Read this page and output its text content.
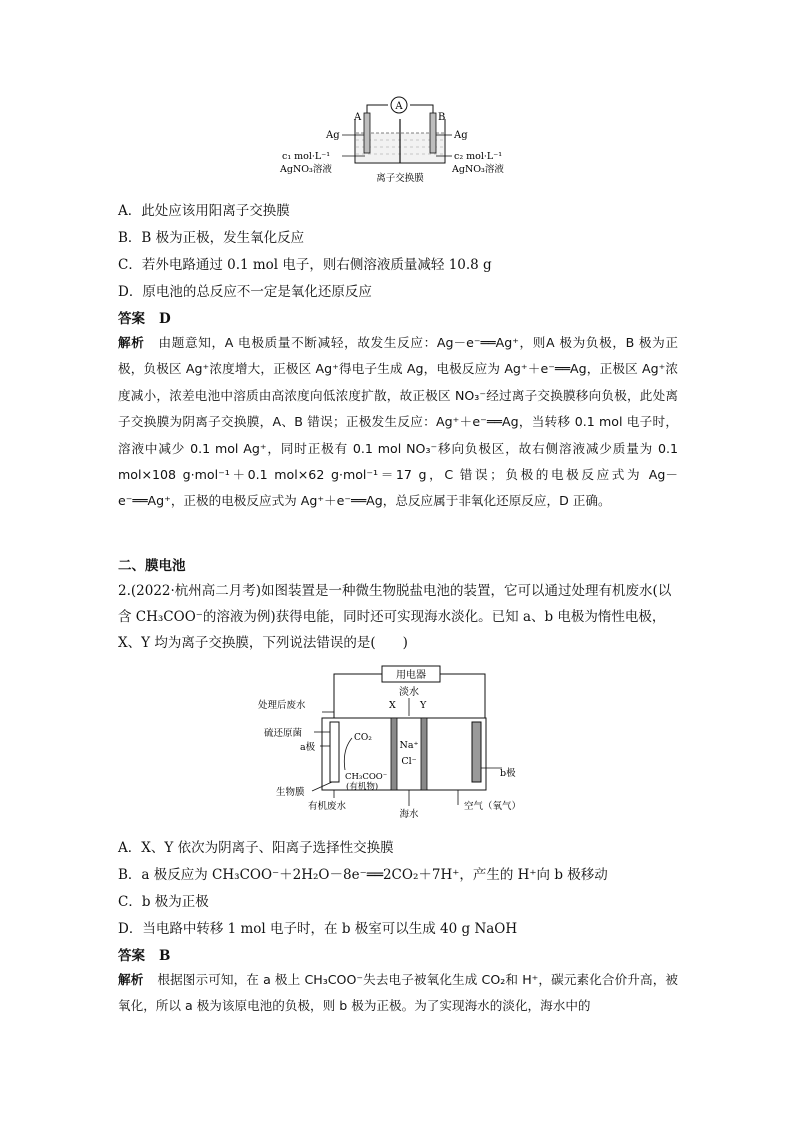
A
A	B
Ag	Ag
c₁ mol·L⁻¹
AgNO₃溶液
c₂ mol·L⁻¹
AgNO₃溶液
离子交换膜
A．此处应该用阳离子交换膜
B．B 极为正极，发生氧化反应
C．若外电路通过 0.1 mol 电子，则右侧溶液质量减轻 10.8 g
D．原电池的总反应不一定是氧化还原反应
答案 D
解析 由题意知，A 电极质量不断减轻，故发生反应：Ag－e⁻══Ag⁺，则A 极为负极，B 极为正极，负极区 Ag⁺浓度增大，正极区 Ag⁺得电子生成 Ag，电极反应为 Ag⁺＋e⁻══Ag，正极区 Ag⁺浓度减小，浓差电池中溶质由高浓度向低浓度扩散，故正极区 NO₃⁻经过离子交换膜移向负极，此处离子交换膜为阴离子交换膜，A、B 错误；正极发生反应：Ag⁺＋e⁻══Ag，当转移 0.1 mol 电子时，溶液中减少 0.1 mol Ag⁺，同时正极有 0.1 mol NO₃⁻移向负极区，故右侧溶液减少质量为 0.1 mol×108 g·mol⁻¹＋0.1 mol×62 g·mol⁻¹＝17 g，C 错误；负极的电极反应式为 Ag－e⁻══Ag⁺，正极的电极反应式为 Ag⁺＋e⁻══Ag，总反应属于非氧化还原反应，D 正确。
二、膜电池
2.(2022·杭州高二月考)如图装置是一种微生物脱盐电池的装置，它可以通过处理有机废水(以含 CH₃COO⁻的溶液为例)获得电能，同时还可实现海水淡化。已知 a、b 电极为惰性电极，X、Y 均为离子交换膜，下列说法错误的是(　　)
用电器
淡水
X	Y
处理后废水
硫还原菌
a极
CO₂
CH₃COO⁻
(有机物)
Na⁺
Cl⁻
b极
生物膜
有机废水
海水
空气（氧气）
A．X、Y 依次为阴离子、阳离子选择性交换膜
B．a 极反应为 CH₃COO⁻＋2H₂O－8e⁻══2CO₂＋7H⁺，产生的 H⁺向 b 极移动
C．b 极为正极
D．当电路中转移 1 mol 电子时，在 b 极室可以生成 40 g NaOH
答案 B
解析 根据图示可知，在 a 极上 CH₃COO⁻失去电子被氧化生成 CO₂和 H⁺，碳元素化合价升高，被氧化，所以 a 极为该原电池的负极，则 b 极为正极。为了实现海水的淡化，海水中的
